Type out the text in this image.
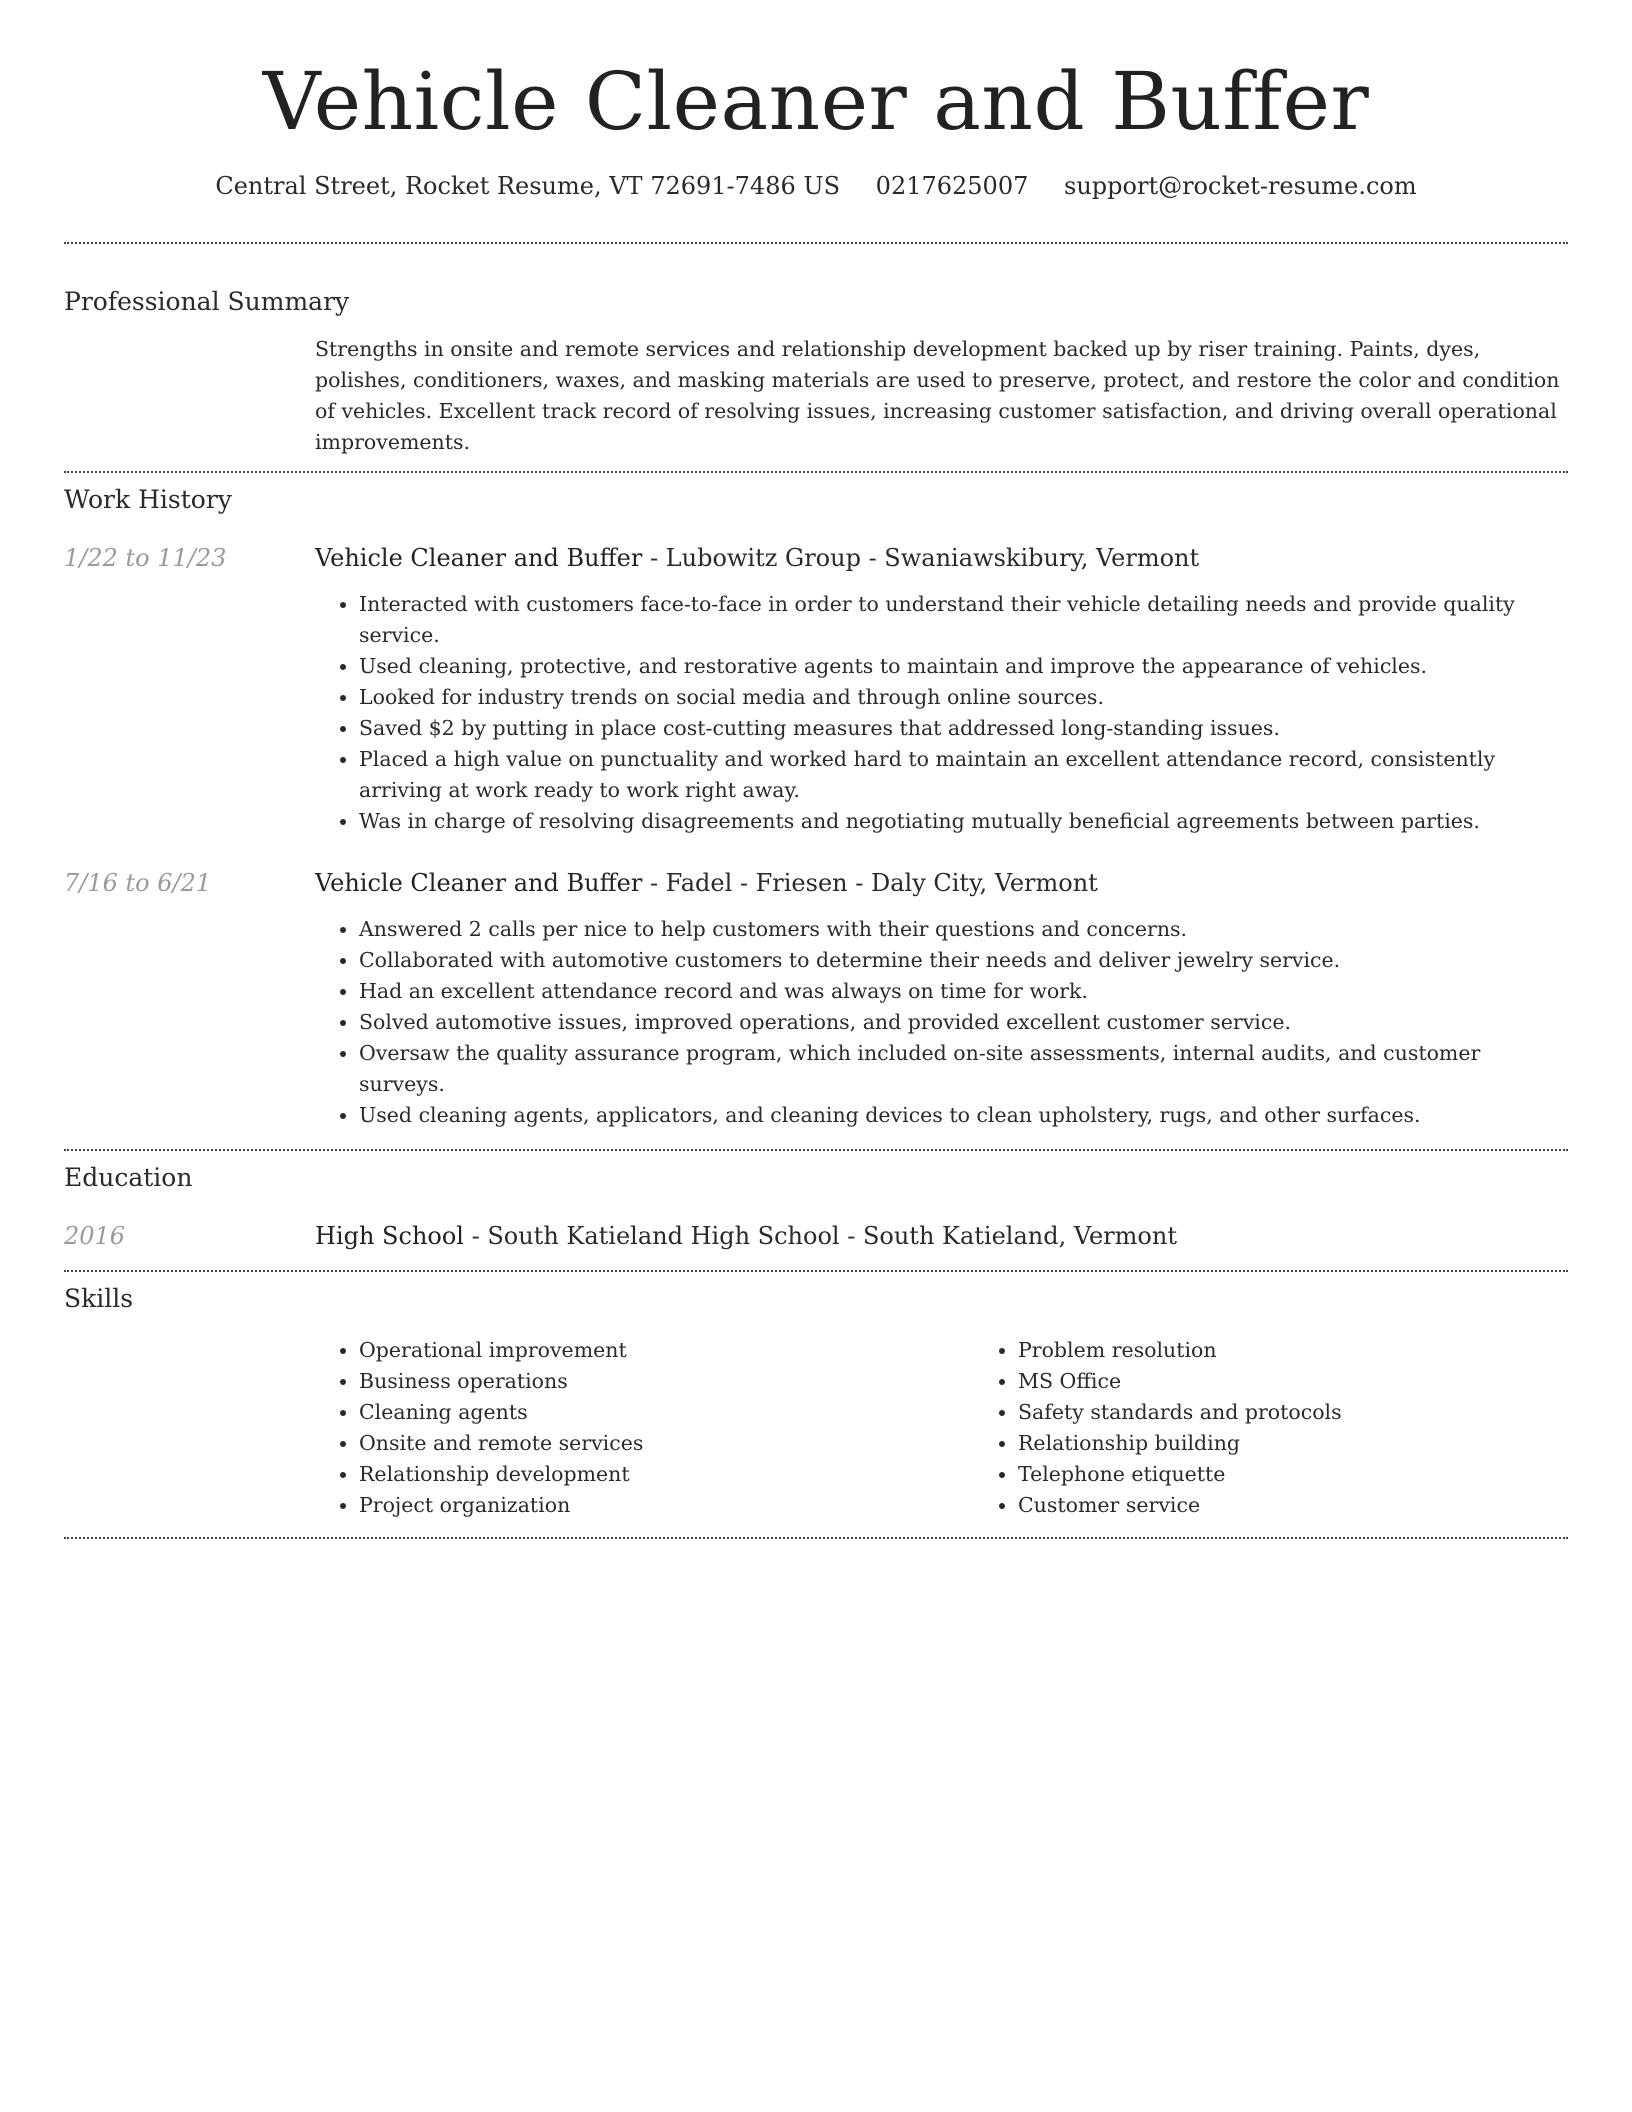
Vehicle Cleaner and Buffer
Central Street, Rocket Resume, VT 72691-7486 US 0217625007 support@rocket-resume.com
Professional Summary

Strengths in onsite and remote services and relationship development backed up by riser training. Paints, dyes, polishes, conditioners, waxes, and masking materials are used to preserve, protect, and restore the color and condition of vehicles. Excellent track record of resolving issues, increasing customer satisfaction, and driving overall operational improvements.

Work History
1/22 to 11/23	Vehicle Cleaner and Buffer - Lubowitz Group - Swaniawskibury, Vermont

• Interacted with customers face-to-face in order to understand their vehicle detailing needs and provide quality service.
• Used cleaning, protective, and restorative agents to maintain and improve the appearance of vehicles.
• Looked for industry trends on social media and through online sources.
• Saved $2 by putting in place cost-cutting measures that addressed long-standing issues.
• Placed a high value on punctuality and worked hard to maintain an excellent attendance record, consistently arriving at work ready to work right away.
• Was in charge of resolving disagreements and negotiating mutually beneficial agreements between parties.
7/16 to 6/21	Vehicle Cleaner and Buffer - Fadel - Friesen - Daly City, Vermont

• Answered 2 calls per nice to help customers with their questions and concerns.
• Collaborated with automotive customers to determine their needs and deliver jewelry service.
• Had an excellent attendance record and was always on time for work.
• Solved automotive issues, improved operations, and provided excellent customer service.
• Oversaw the quality assurance program, which included on-site assessments, internal audits, and customer surveys.
• Used cleaning agents, applicators, and cleaning devices to clean upholstery, rugs, and other surfaces.
Education
2016	High School - South Katieland High School - South Katieland, Vermont

Skills
• Operational improvement
• Business operations
• Cleaning agents
• Onsite and remote services
• Relationship development
• Project organization
• Problem resolution
• MS Office
• Safety standards and protocols
• Relationship building
• Telephone etiquette
• Customer service
